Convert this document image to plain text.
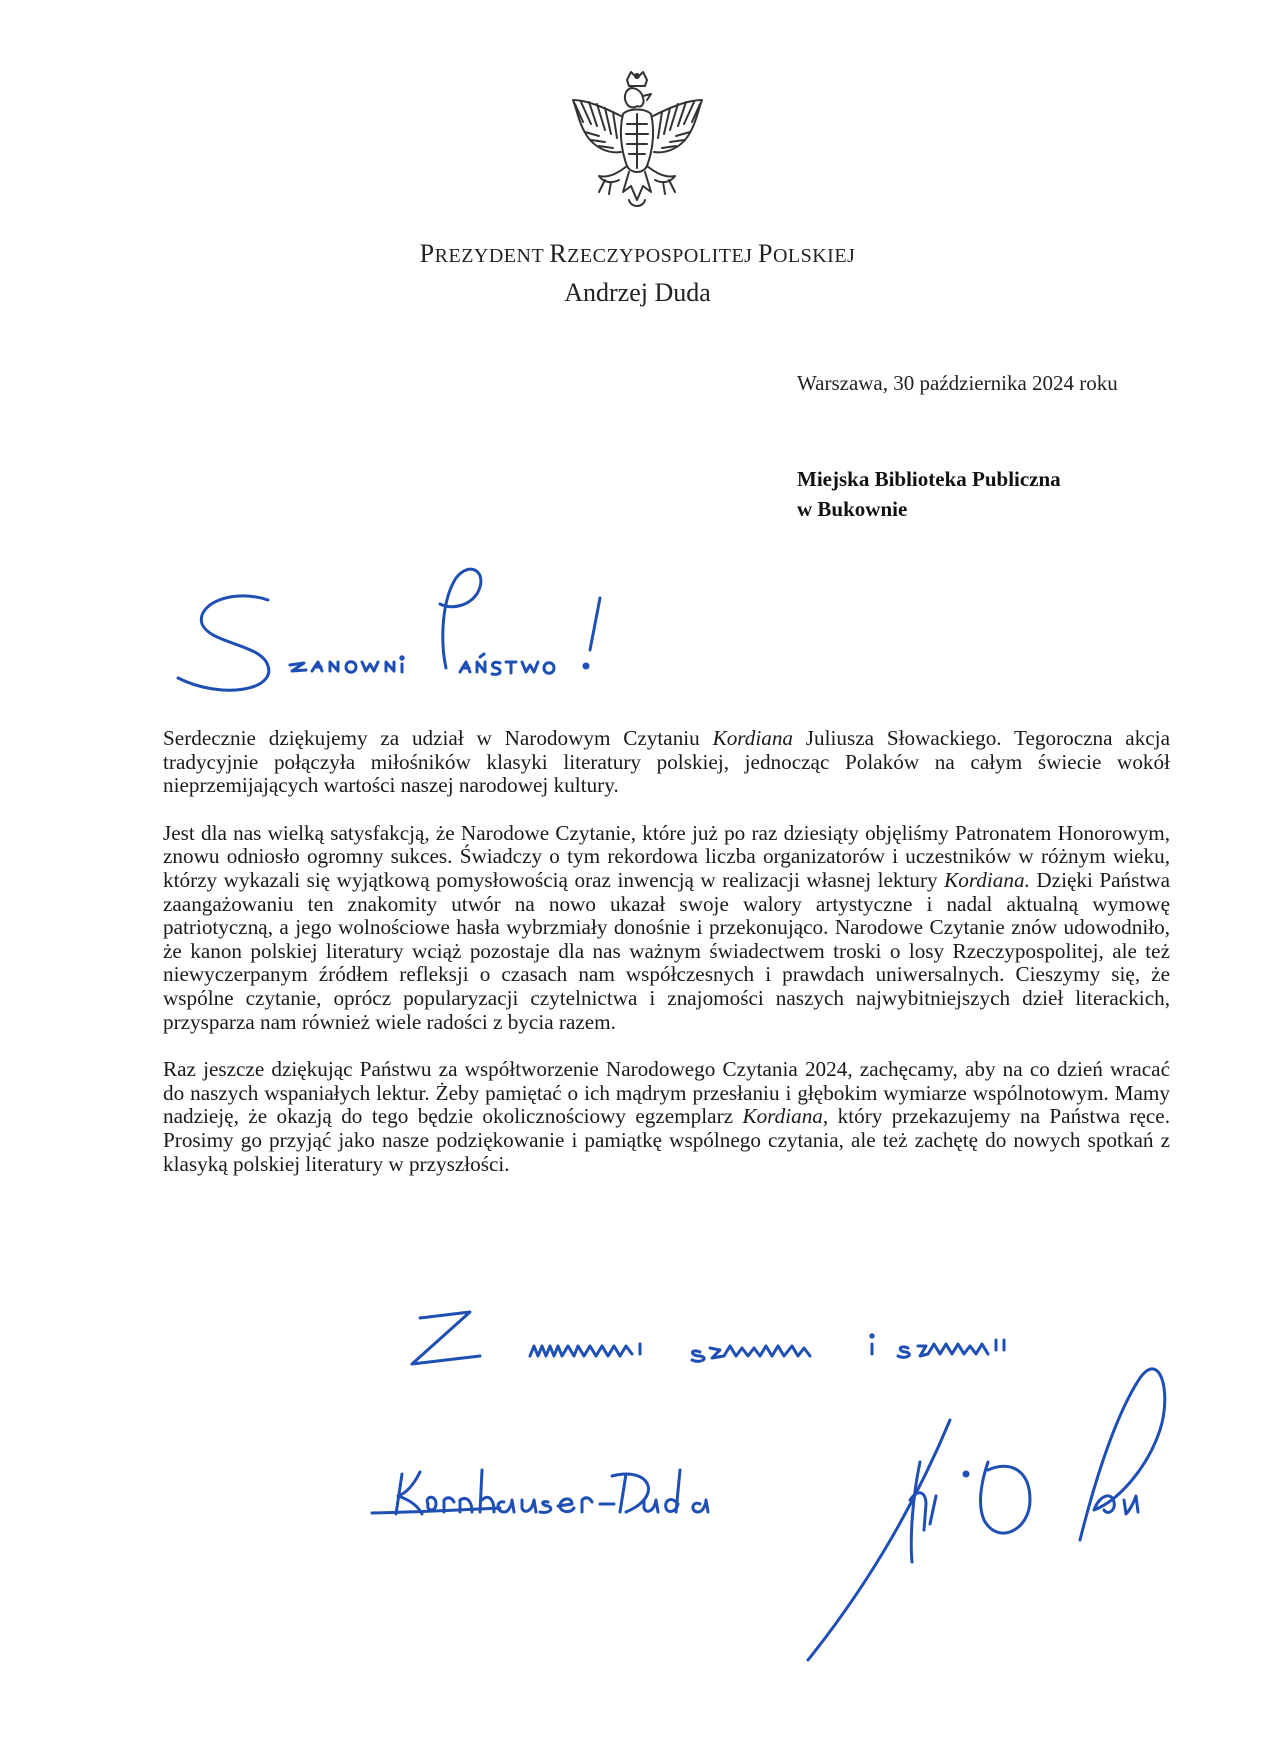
PREZYDENT RZECZYPOSPOLITEJ POLSKIEJ
Andrzej Duda
Warszawa, 30 października 2024 roku
Miejska Biblioteka Publiczna
w Bukownie

Serdecznie dziękujemy za udział w Narodowym Czytaniu Kordiana Juliusza Słowackiego. Tegoroczna akcja tradycyjnie połączyła miłośników klasyki literatury polskiej, jednocząc Polaków na całym świecie wokół nieprzemijających wartości naszej narodowej kultury.

Jest dla nas wielką satysfakcją, że Narodowe Czytanie, które już po raz dziesiąty objęliśmy Patronatem Honorowym, znowu odniosło ogromny sukces. Świadczy o tym rekordowa liczba organizatorów i uczestników w różnym wieku, którzy wykazali się wyjątkową pomysłowością oraz inwencją w realizacji własnej lektury Kordiana. Dzięki Państwa zaangażowaniu ten znakomity utwór na nowo ukazał swoje walory artystyczne i nadal aktualną wymowę patriotyczną, a jego wolnościowe hasła wybrzmiały donośnie i przekonująco. Narodowe Czytanie znów udowodniło, że kanon polskiej literatury wciąż pozostaje dla nas ważnym świadectwem troski o losy Rzeczypospolitej, ale też niewyczerpanym źródłem refleksji o czasach nam współczesnych i prawdach uniwersalnych. Cieszymy się, że wspólne czytanie, oprócz popularyzacji czytelnictwa i znajomości naszych najwybitniejszych dzieł literackich, przysparza nam również wiele radości z bycia razem.

Raz jeszcze dziękując Państwu za współtworzenie Narodowego Czytania 2024, zachęcamy, aby na co dzień wracać do naszych wspaniałych lektur. Żeby pamiętać o ich mądrym przesłaniu i głębokim wymiarze wspólnotowym. Mamy nadzieję, że okazją do tego będzie okolicznościowy egzemplarz Kordiana, który przekazujemy na Państwa ręce. Prosimy go przyjąć jako nasze podziękowanie i pamiątkę wspólnego czytania, ale też zachętę do nowych spotkań z klasyką polskiej literatury w przyszłości.
